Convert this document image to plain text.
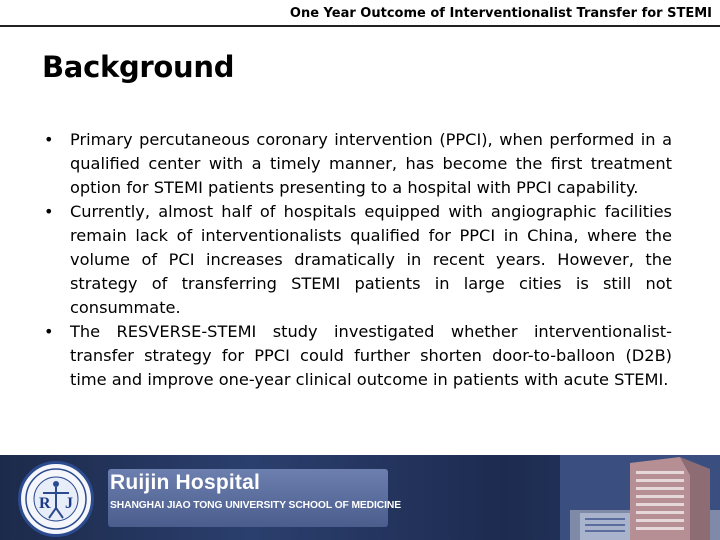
One Year Outcome of Interventionalist Transfer for STEMI
Background
• Primary percutaneous coronary intervention (PPCI), when performed in a qualified center with a timely manner, has become the first treatment option for STEMI patients presenting to a hospital with PPCI capability.
• Currently, almost half of hospitals equipped with angiographic facilities remain lack of interventionalists qualified for PPCI in China, where the volume of PCI increases dramatically in recent years. However, the strategy of transferring STEMI patients in large cities is still not consummate.
• The RESVERSE-STEMI study investigated whether interventionalist-transfer strategy for PPCI could further shorten door-to-balloon (D2B) time and improve one-year clinical outcome in patients with acute STEMI.
R J
Ruijin Hospital
SHANGHAI JIAO TONG UNIVERSITY SCHOOL OF MEDICINE
